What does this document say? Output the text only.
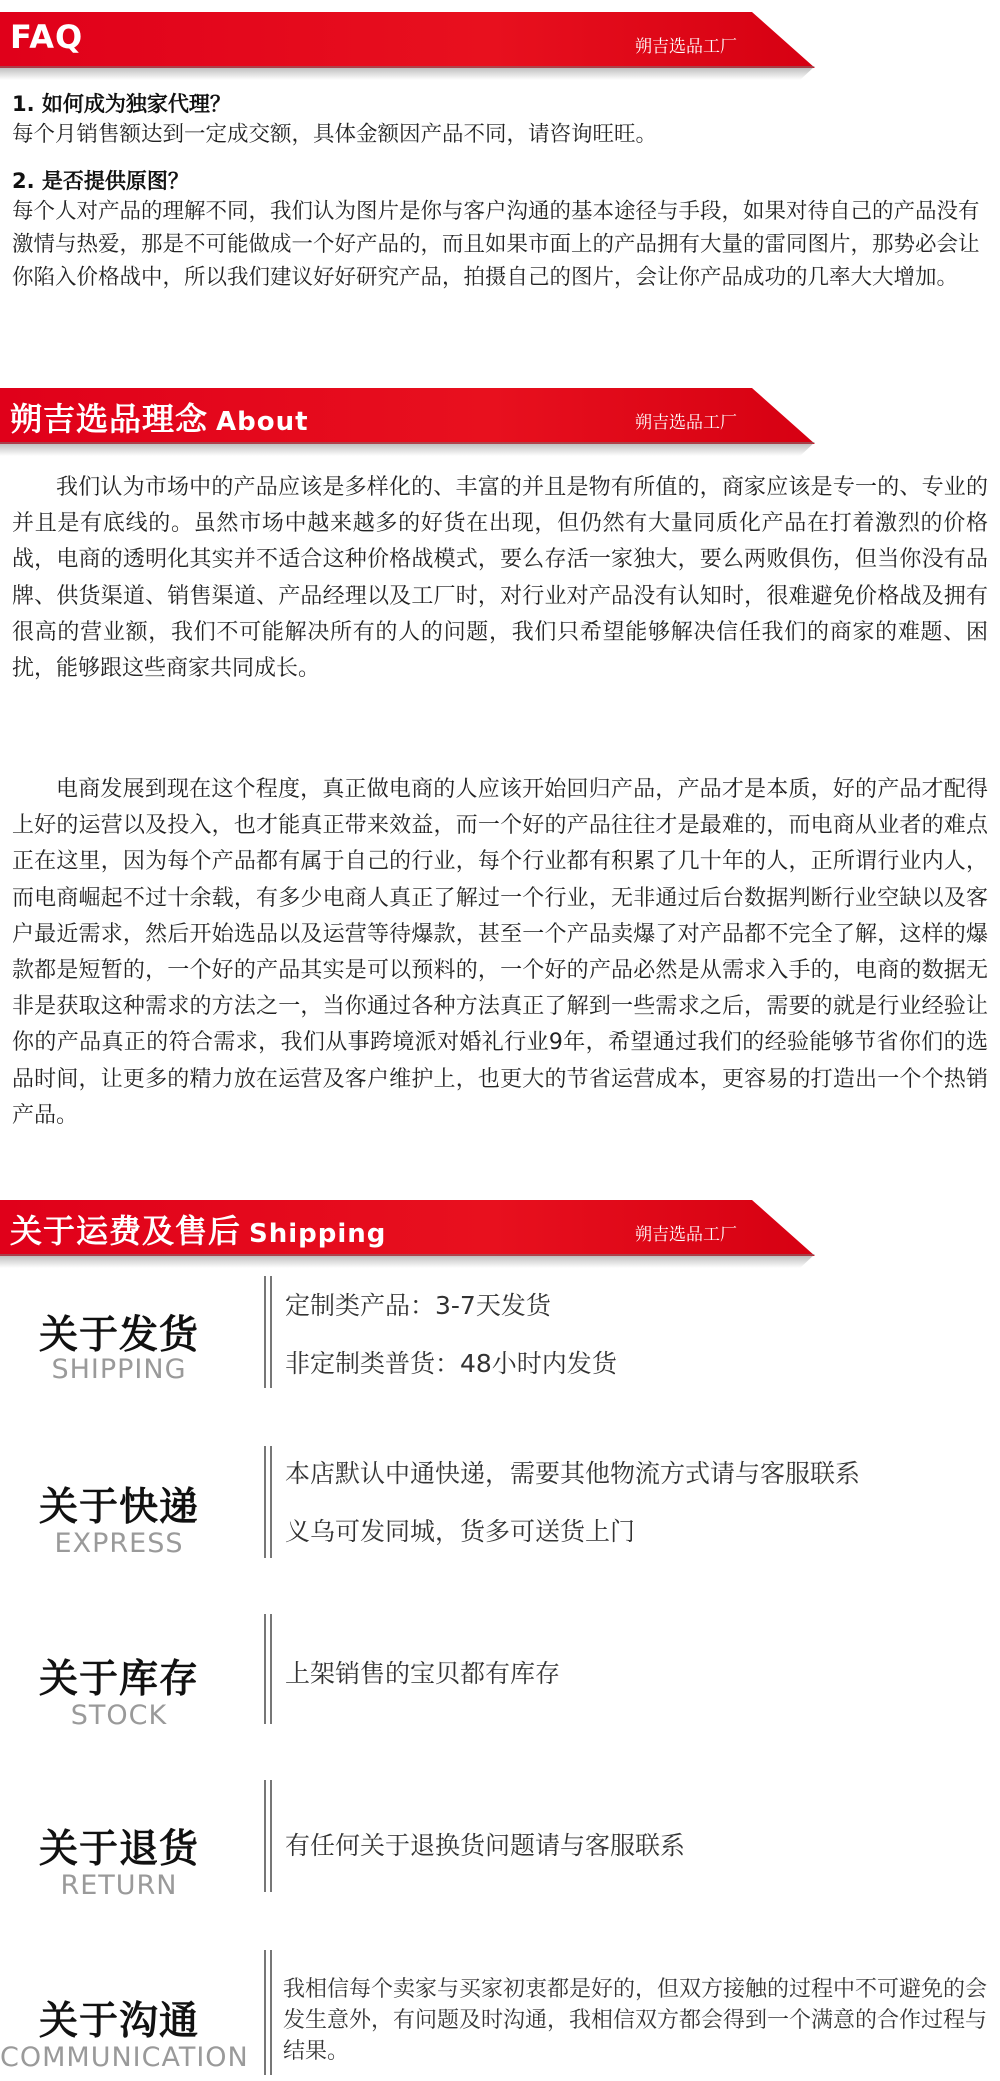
FAQ	朔吉选品工厂
1. 如何成为独家代理？
每个月销售额达到一定成交额，具体金额因产品不同，请咨询旺旺。
2. 是否提供原图？
每个人对产品的理解不同，我们认为图片是你与客户沟通的基本途径与手段，如果对待自己的产品没有激情与热爱，那是不可能做成一个好产品的，而且如果市面上的产品拥有大量的雷同图片，那势必会让你陷入价格战中，所以我们建议好好研究产品，拍摄自己的图片，会让你产品成功的几率大大增加。
朔吉选品理念 About	朔吉选品工厂
我们认为市场中的产品应该是多样化的、丰富的并且是物有所值的，商家应该是专一的、专业的并且是有底线的。虽然市场中越来越多的好货在出现，但仍然有大量同质化产品在打着激烈的价格战，电商的透明化其实并不适合这种价格战模式，要么存活一家独大，要么两败俱伤，但当你没有品牌、供货渠道、销售渠道、产品经理以及工厂时，对行业对产品没有认知时，很难避免价格战及拥有很高的营业额，我们不可能解决所有的人的问题，我们只希望能够解决信任我们的商家的难题、困扰，能够跟这些商家共同成长。
电商发展到现在这个程度，真正做电商的人应该开始回归产品，产品才是本质，好的产品才配得上好的运营以及投入，也才能真正带来效益，而一个好的产品往往才是最难的，而电商从业者的难点正在这里，因为每个产品都有属于自己的行业，每个行业都有积累了几十年的人，正所谓行业内人，而电商崛起不过十余载，有多少电商人真正了解过一个行业，无非通过后台数据判断行业空缺以及客户最近需求，然后开始选品以及运营等待爆款，甚至一个产品卖爆了对产品都不完全了解，这样的爆款都是短暂的，一个好的产品其实是可以预料的，一个好的产品必然是从需求入手的，电商的数据无非是获取这种需求的方法之一，当你通过各种方法真正了解到一些需求之后，需要的就是行业经验让你的产品真正的符合需求，我们从事跨境派对婚礼行业9年，希望通过我们的经验能够节省你们的选品时间，让更多的精力放在运营及客户维护上，也更大的节省运营成本，更容易的打造出一个个热销产品。
关于运费及售后 Shipping	朔吉选品工厂
关于发货
SHIPPING
定制类产品：3-7天发货
非定制类普货：48小时内发货
关于快递
EXPRESS
本店默认中通快递，需要其他物流方式请与客服联系
义乌可发同城，货多可送货上门
关于库存
STOCK
上架销售的宝贝都有库存
关于退货
RETURN
有任何关于退换货问题请与客服联系
关于沟通
COMMUNICATION
我相信每个卖家与买家初衷都是好的，但双方接触的过程中不可避免的会发生意外，有问题及时沟通，我相信双方都会得到一个满意的合作过程与结果。
